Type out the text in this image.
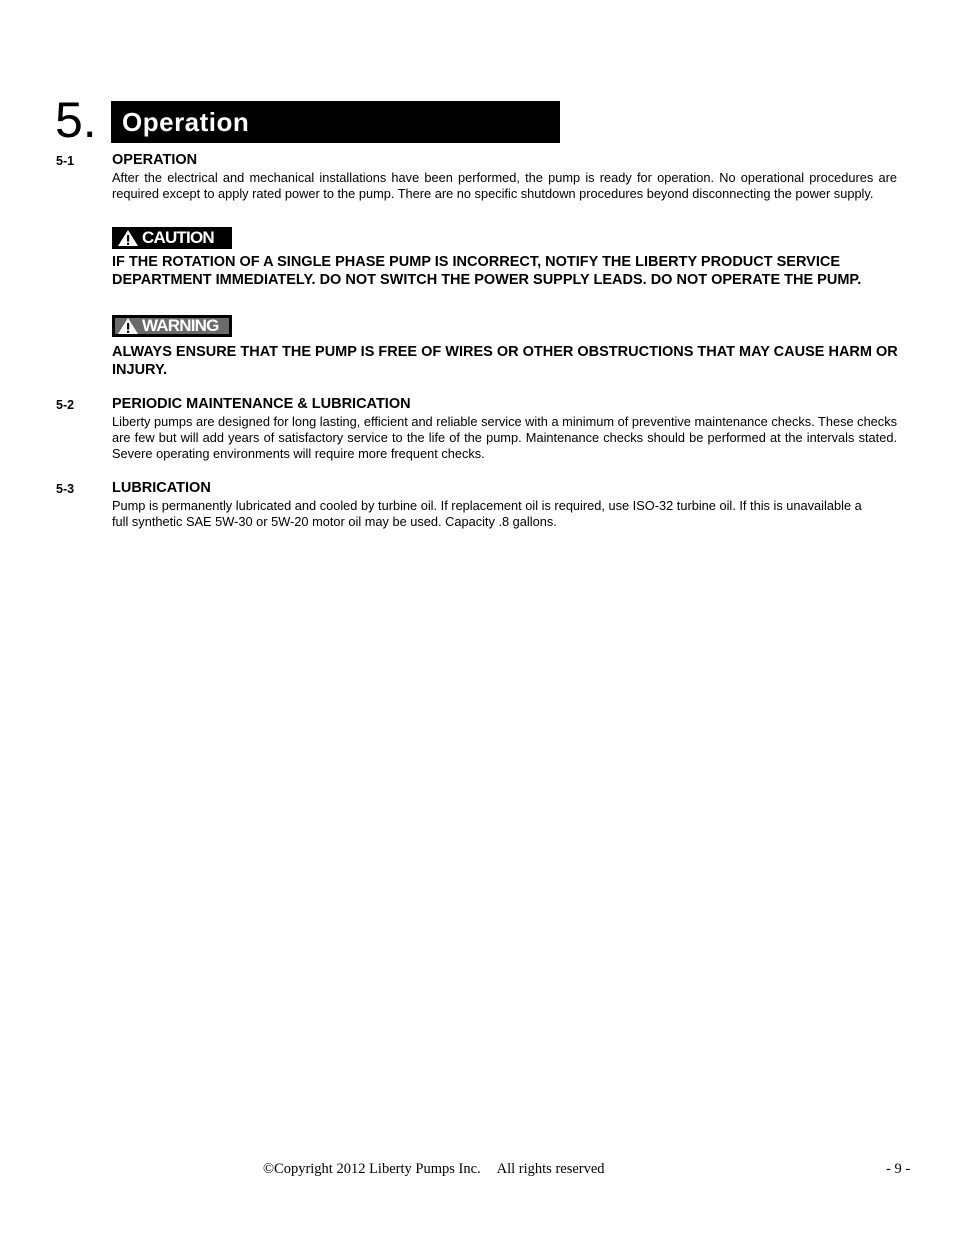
5. Operation
5-1	OPERATION
After the electrical and mechanical installations have been performed, the pump is ready for operation. No operational procedures are required except to apply rated power to the pump. There are no specific shutdown procedures beyond disconnecting the power supply.
CAUTION
IF THE ROTATION OF A SINGLE PHASE PUMP IS INCORRECT, NOTIFY THE LIBERTY PRODUCT SERVICE DEPARTMENT IMMEDIATELY. DO NOT SWITCH THE POWER SUPPLY LEADS. DO NOT OPERATE THE PUMP.
WARNING
ALWAYS ENSURE THAT THE PUMP IS FREE OF WIRES OR OTHER OBSTRUCTIONS THAT MAY CAUSE HARM OR INJURY.
5-2	PERIODIC MAINTENANCE & LUBRICATION
Liberty pumps are designed for long lasting, efficient and reliable service with a minimum of preventive maintenance checks. These checks are few but will add years of satisfactory service to the life of the pump. Maintenance checks should be performed at the intervals stated. Severe operating environments will require more frequent checks.
5-3	LUBRICATION
Pump is permanently lubricated and cooled by turbine oil. If replacement oil is required, use ISO-32 turbine oil. If this is unavailable a full synthetic SAE 5W-30 or 5W-20 motor oil may be used. Capacity .8 gallons.
©Copyright 2012 Liberty Pumps Inc. All rights reserved	- 9 -
